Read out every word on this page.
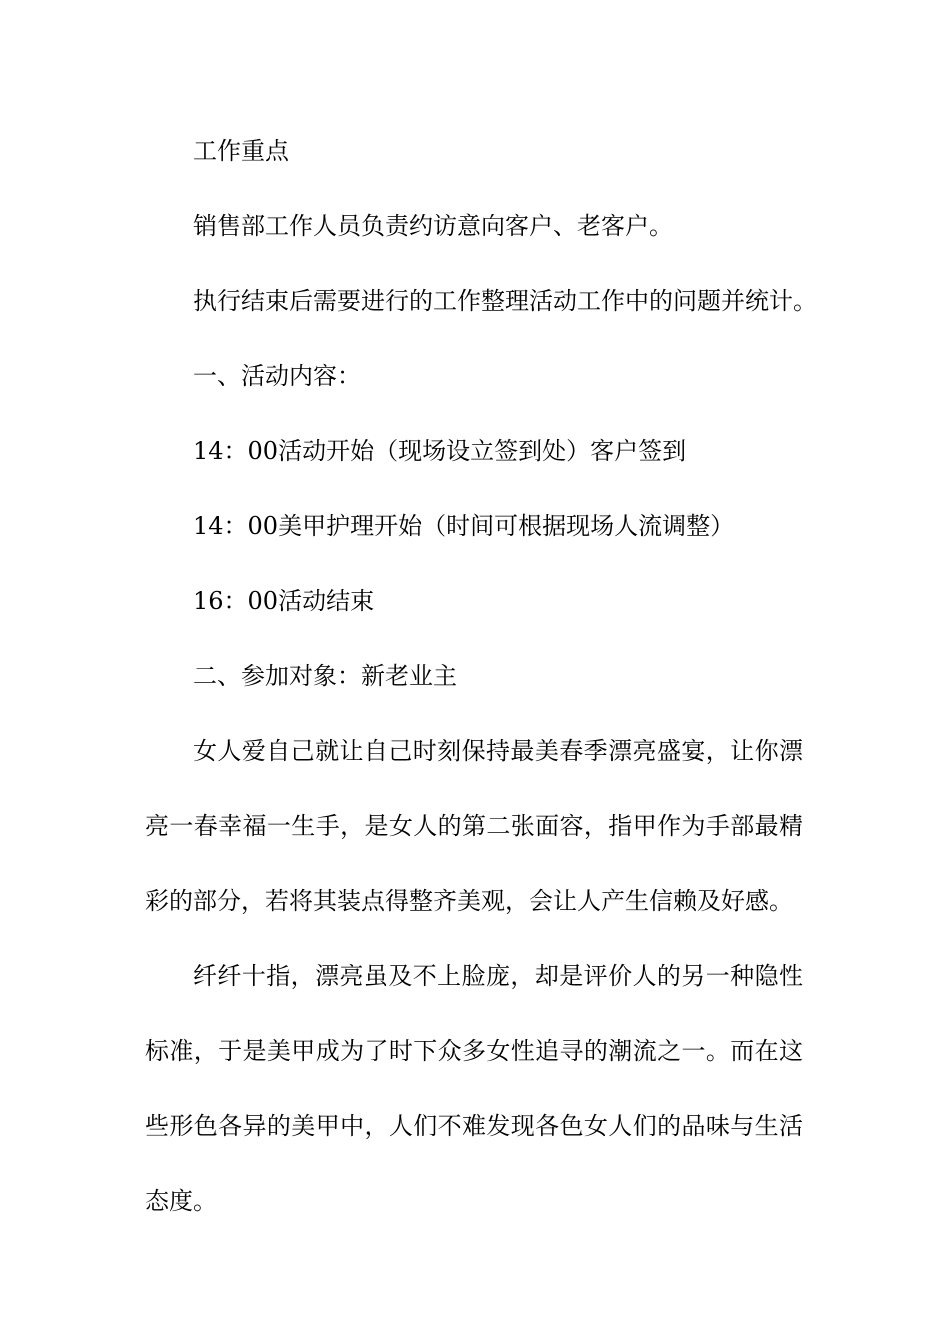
工作重点

销售部工作人员负责约访意向客户、老客户。

执行结束后需要进行的工作整理活动工作中的问题并统计。

一、活动内容：

14：00活动开始（现场设立签到处）客户签到

14：00美甲护理开始（时间可根据现场人流调整）

16：00活动结束

二、参加对象：新老业主

女人爱自己就让自己时刻保持最美春季漂亮盛宴，让你漂

亮一春幸福一生手，是女人的第二张面容，指甲作为手部最精

彩的部分，若将其装点得整齐美观，会让人产生信赖及好感。

纤纤十指，漂亮虽及不上脸庞，却是评价人的另一种隐性

标准，于是美甲成为了时下众多女性追寻的潮流之一。而在这

些形色各异的美甲中，人们不难发现各色女人们的品味与生活

态度。
